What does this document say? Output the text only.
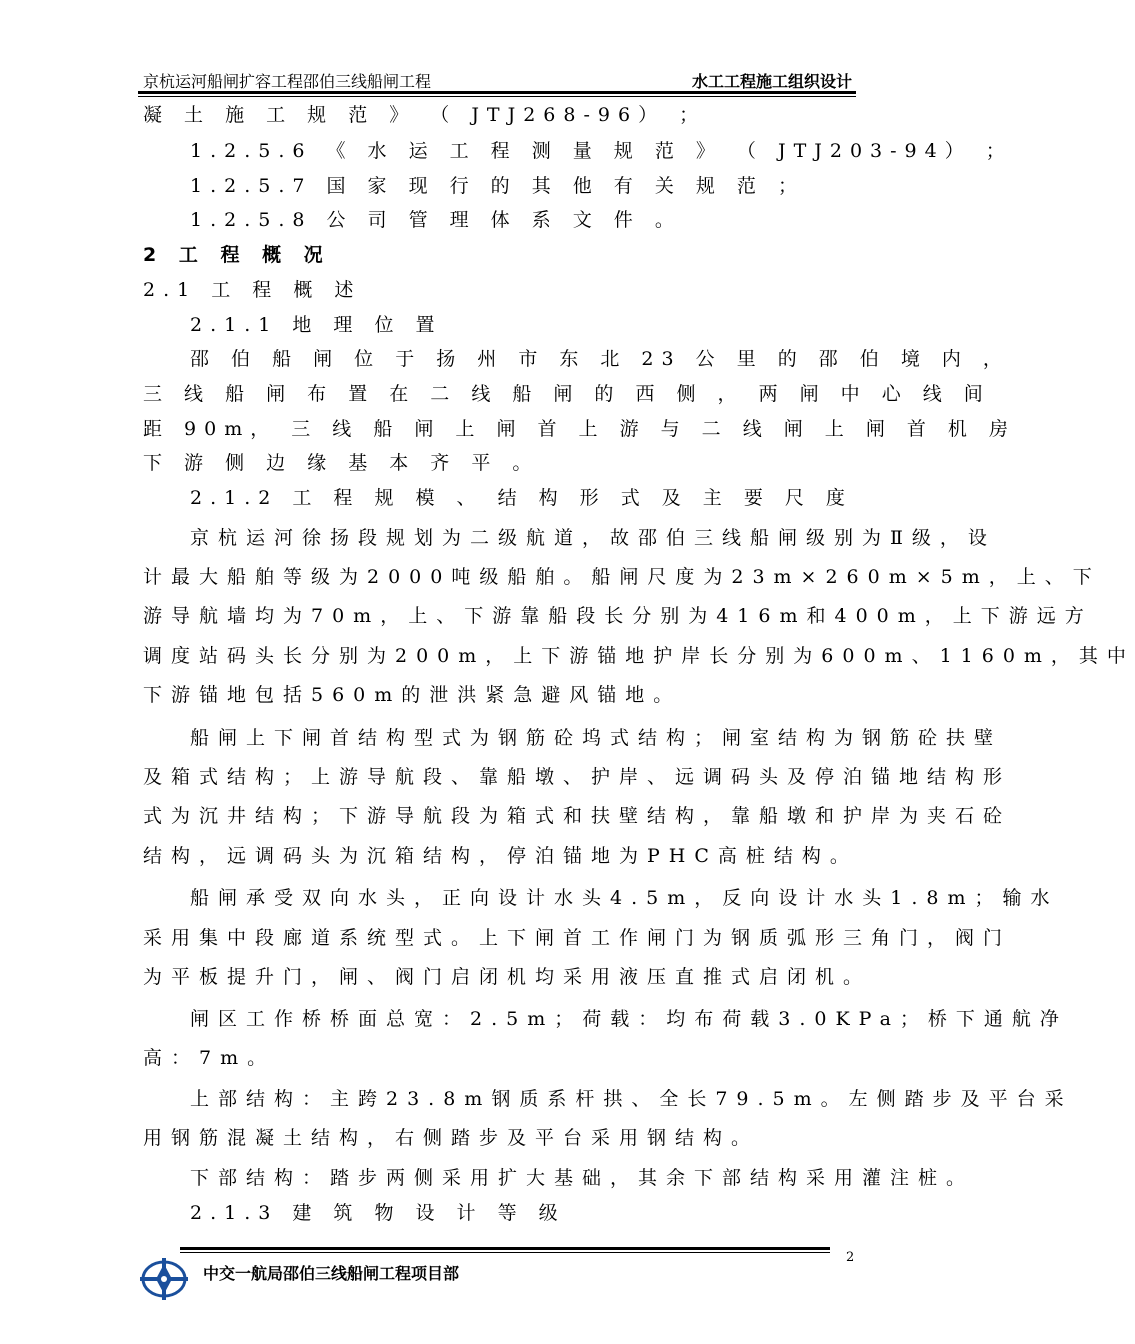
京杭运河船闸扩容工程邵伯三线船闸工程	水工工程施工组织设计
凝 土 施 工 规 范 》 （ JTJ268-96） ；
1.2.5.6 《 水 运 工 程 测 量 规 范 》 （ JTJ203-94） ；
1.2.5.7 国 家 现 行 的 其 他 有 关 规 范 ；
1.2.5.8 公 司 管 理 体 系 文 件 。
2 工 程 概 况
2.1 工 程 概 述
2.1.1 地 理 位 置
邵 伯 船 闸 位 于 扬 州 市 东 北 23 公 里 的 邵 伯 境 内 ，
三 线 船 闸 布 置 在 二 线 船 闸 的 西 侧 ， 两 闸 中 心 线 间
距 90m， 三 线 船 闸 上 闸 首 上 游 与 二 线 闸 上 闸 首 机 房
下 游 侧 边 缘 基 本 齐 平 。
2.1.2 工 程 规 模 、 结 构 形 式 及 主 要 尺 度
京杭运河徐扬段规划为二级航道，故邵伯三线船闸级别为Ⅱ级，设
计最大船舶等级为2000吨级船舶。船闸尺度为23m×260m×5m，上、下
游导航墙均为70m，上、下游靠船段长分别为416m和400m，上下游远方
调度站码头长分别为200m，上下游锚地护岸长分别为600m、1160m，其中
下游锚地包括560m的泄洪紧急避风锚地。
船闸上下闸首结构型式为钢筋砼坞式结构；闸室结构为钢筋砼扶壁
及箱式结构；上游导航段、靠船墩、护岸、远调码头及停泊锚地结构形
式为沉井结构；下游导航段为箱式和扶壁结构，靠船墩和护岸为夹石砼
结构，远调码头为沉箱结构，停泊锚地为PHC高桩结构。
船闸承受双向水头，正向设计水头4.5m，反向设计水头1.8m；输水
采用集中段廊道系统型式。上下闸首工作闸门为钢质弧形三角门，阀门
为平板提升门，闸、阀门启闭机均采用液压直推式启闭机。
闸区工作桥桥面总宽：2.5m；荷载：均布荷载3.0KPa；桥下通航净
高：7m。
上部结构：主跨23.8m钢质系杆拱、全长79.5m。左侧踏步及平台采
用钢筋混凝土结构，右侧踏步及平台采用钢结构。
下部结构：踏步两侧采用扩大基础，其余下部结构采用灌注桩。
2.1.3 建 筑 物 设 计 等 级
2
中交一航局邵伯三线船闸工程项目部
